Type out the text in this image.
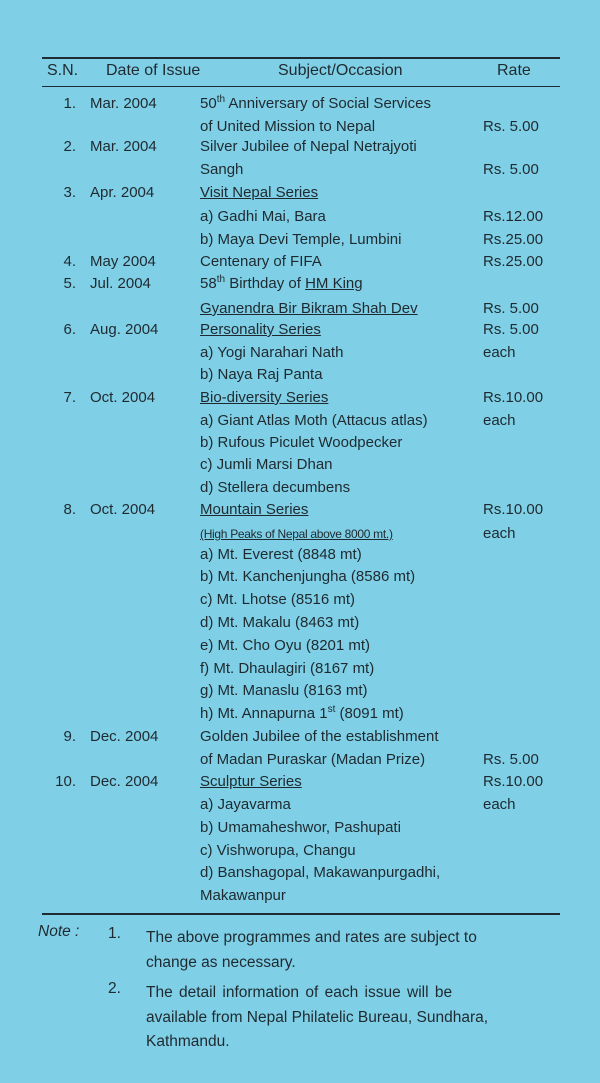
S.N. Date of Issue	Subject/Occasion	Rate
1. Mar. 2004	50th Anniversary of Social Services
of United Mission to Nepal	Rs. 5.00
2. Mar. 2004	Silver Jubilee of Nepal Netrajyoti
Sangh	Rs. 5.00
3. Apr. 2004	Visit Nepal Series
a) Gadhi Mai, Bara	Rs.12.00
b) Maya Devi Temple, Lumbini	Rs.25.00
4. May 2004	Centenary of FIFA	Rs.25.00
5. Jul. 2004	58th Birthday of HM King
Gyanendra Bir Bikram Shah Dev	Rs. 5.00
6. Aug. 2004	Personality Series	Rs. 5.00
a) Yogi Narahari Nath	each
b) Naya Raj Panta
7. Oct. 2004	Bio-diversity Series	Rs.10.00
a) Giant Atlas Moth (Attacus atlas)	each
b) Rufous Piculet Woodpecker
c) Jumli Marsi Dhan
d) Stellera decumbens
8. Oct. 2004	Mountain Series	Rs.10.00
(High Peaks of Nepal above 8000 mt.)	each
a) Mt. Everest (8848 mt)
b) Mt. Kanchenjungha (8586 mt)
c) Mt. Lhotse (8516 mt)
d) Mt. Makalu (8463 mt)
e) Mt. Cho Oyu (8201 mt)
f) Mt. Dhaulagiri (8167 mt)
g) Mt. Manaslu (8163 mt)
h) Mt. Annapurna 1st (8091 mt)
9. Dec. 2004	Golden Jubilee of the establishment
of Madan Puraskar (Madan Prize)	Rs. 5.00
10. Dec. 2004	Sculptur Series	Rs.10.00
a) Jayavarma	each
b) Umamaheshwor, Pashupati
c) Vishworupa, Changu
d) Banshagopal, Makawanpurgadhi,
Makawanpur
Note : 1. The above programmes and rates are subject to
change as necessary.
2. The detail information of each issue will be
available from Nepal Philatelic Bureau, Sundhara,
Kathmandu.
